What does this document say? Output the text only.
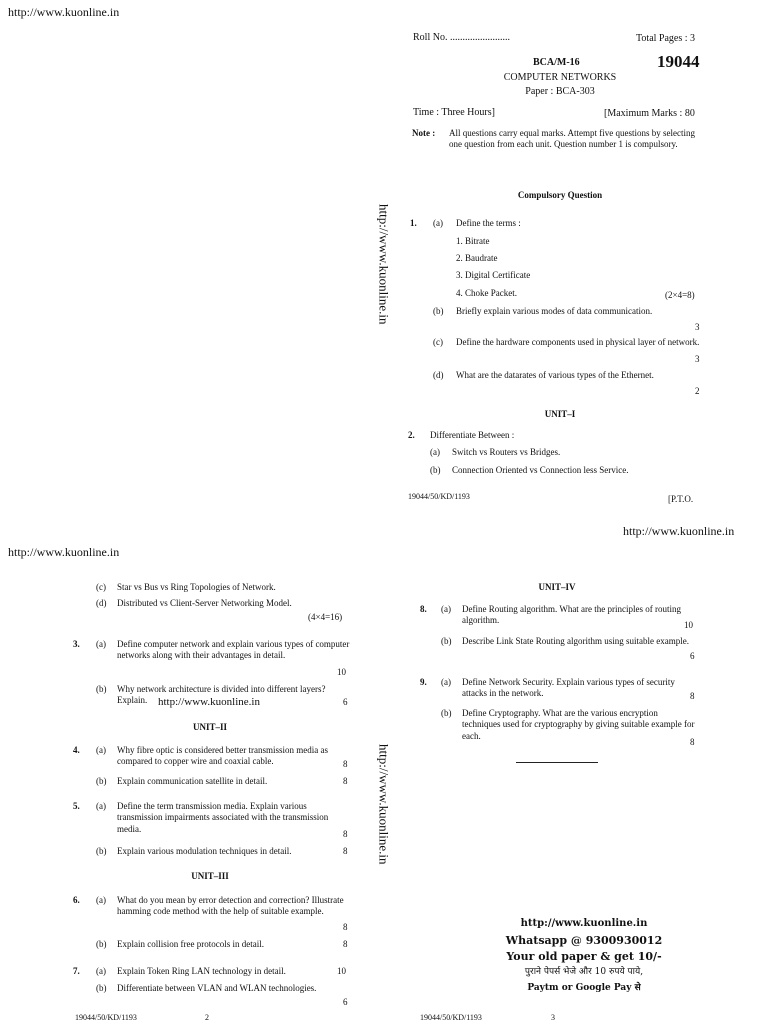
http://www.kuonline.in
http://www.kuonline.in
http://www.kuonline.in
http://www.kuonline.in
http://www.kuonline.in
Roll No. ........................	Total Pages : 3
BCA/M-16	19044
COMPUTER NETWORKS
Paper : BCA-303
Time : Three Hours]	[Maximum Marks : 80
Note : All questions carry equal marks. Attempt five questions by selecting one question from each unit. Question number 1 is compulsory.
Compulsory Question
1. (a) Define the terms :
1. Bitrate
2. Baudrate
3. Digital Certificate
4. Choke Packet.	(2×4=8)
(b) Briefly explain various modes of data communication.
3
(c) Define the hardware components used in physical layer of network.
3
(d) What are the datarates of various types of the Ethernet.
2
UNIT–I
2. Differentiate Between :
(a) Switch vs Routers vs Bridges.
(b) Connection Oriented vs Connection less Service.
19044/50/KD/1193	[P.T.O.
(c) Star vs Bus vs Ring Topologies of Network.
(d) Distributed vs Client-Server Networking Model.
(4×4=16)
3. (a) Define computer network and explain various types of computer networks along with their advantages in detail.
10
(b) Why network architecture is divided into different layers? Explain.	6
http://www.kuonline.in
UNIT–II
4. (a) Why fibre optic is considered better transmission media as compared to copper wire and coaxial cable.	8
(b) Explain communication satellite in detail.	8
5. (a) Define the term transmission media. Explain various transmission impairments associated with the transmission media.
8
(b) Explain various modulation techniques in detail.	8
UNIT–III
6. (a) What do you mean by error detection and correction? Illustrate hamming code method with the help of suitable example.
8
(b) Explain collision free protocols in detail.	8
7. (a) Explain Token Ring LAN technology in detail.	10
(b) Differentiate between VLAN and WLAN technologies.
6
19044/50/KD/1193	2
UNIT–IV
8. (a) Define Routing algorithm. What are the principles of routing algorithm.	10
(b) Describe Link State Routing algorithm using suitable example.
6
9. (a) Define Network Security. Explain various types of security attacks in the network.	8
(b) Define Cryptography. What are the various encryption techniques used for cryptography by giving suitable example for each.
8
http://www.kuonline.in
Whatsapp @ 9300930012
Your old paper & get 10/-
पुराने पेपर्स भेजे और 10 रुपये पाये,
Paytm or Google Pay से
19044/50/KD/1193	3
